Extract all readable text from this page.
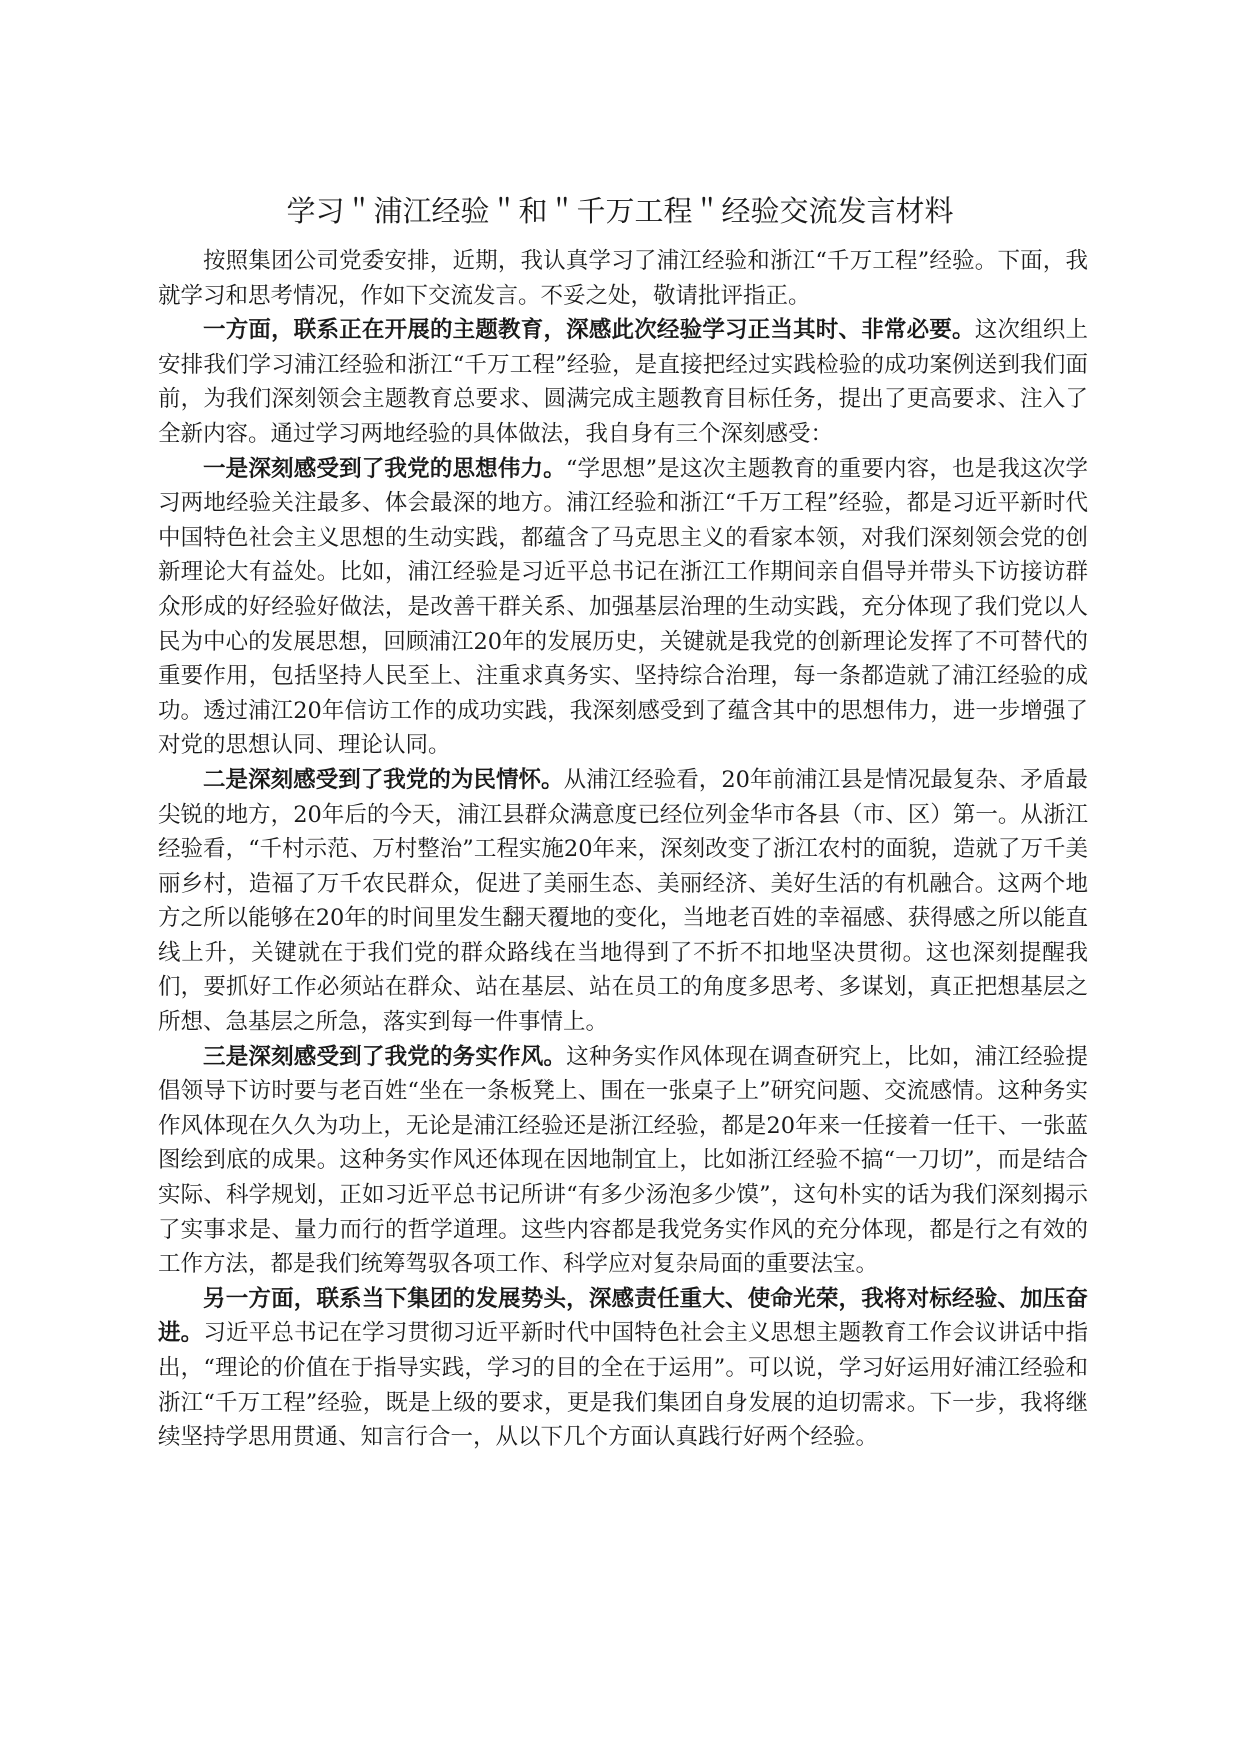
学习＂浦江经验＂和＂千万工程＂经验交流发言材料

按照集团公司党委安排，近期，我认真学习了浦江经验和浙江“千万工程”经验。下面，我就学习和思考情况，作如下交流发言。不妥之处，敬请批评指正。

一方面，联系正在开展的主题教育，深感此次经验学习正当其时、非常必要。这次组织上安排我们学习浦江经验和浙江“千万工程”经验，是直接把经过实践检验的成功案例送到我们面前，为我们深刻领会主题教育总要求、圆满完成主题教育目标任务，提出了更高要求、注入了全新内容。通过学习两地经验的具体做法，我自身有三个深刻感受：

一是深刻感受到了我党的思想伟力。“学思想”是这次主题教育的重要内容，也是我这次学习两地经验关注最多、体会最深的地方。浦江经验和浙江“千万工程”经验，都是习近平新时代中国特色社会主义思想的生动实践，都蕴含了马克思主义的看家本领，对我们深刻领会党的创新理论大有益处。比如，浦江经验是习近平总书记在浙江工作期间亲自倡导并带头下访接访群众形成的好经验好做法，是改善干群关系、加强基层治理的生动实践，充分体现了我们党以人民为中心的发展思想，回顾浦江20年的发展历史，关键就是我党的创新理论发挥了不可替代的重要作用，包括坚持人民至上、注重求真务实、坚持综合治理，每一条都造就了浦江经验的成功。透过浦江20年信访工作的成功实践，我深刻感受到了蕴含其中的思想伟力，进一步增强了对党的思想认同、理论认同。

二是深刻感受到了我党的为民情怀。从浦江经验看，20年前浦江县是情况最复杂、矛盾最尖锐的地方，20年后的今天，浦江县群众满意度已经位列金华市各县（市、区）第一。从浙江经验看，“千村示范、万村整治”工程实施20年来，深刻改变了浙江农村的面貌，造就了万千美丽乡村，造福了万千农民群众，促进了美丽生态、美丽经济、美好生活的有机融合。这两个地方之所以能够在20年的时间里发生翻天覆地的变化，当地老百姓的幸福感、获得感之所以能直线上升，关键就在于我们党的群众路线在当地得到了不折不扣地坚决贯彻。这也深刻提醒我们，要抓好工作必须站在群众、站在基层、站在员工的角度多思考、多谋划，真正把想基层之所想、急基层之所急，落实到每一件事情上。

三是深刻感受到了我党的务实作风。这种务实作风体现在调查研究上，比如，浦江经验提倡领导下访时要与老百姓“坐在一条板凳上、围在一张桌子上”研究问题、交流感情。这种务实作风体现在久久为功上，无论是浦江经验还是浙江经验，都是20年来一任接着一任干、一张蓝图绘到底的成果。这种务实作风还体现在因地制宜上，比如浙江经验不搞“一刀切”，而是结合实际、科学规划，正如习近平总书记所讲“有多少汤泡多少馍”，这句朴实的话为我们深刻揭示了实事求是、量力而行的哲学道理。这些内容都是我党务实作风的充分体现，都是行之有效的工作方法，都是我们统筹驾驭各项工作、科学应对复杂局面的重要法宝。

另一方面，联系当下集团的发展势头，深感责任重大、使命光荣，我将对标经验、加压奋进。习近平总书记在学习贯彻习近平新时代中国特色社会主义思想主题教育工作会议讲话中指出，“理论的价值在于指导实践，学习的目的全在于运用”。可以说，学习好运用好浦江经验和浙江“千万工程”经验，既是上级的要求，更是我们集团自身发展的迫切需求。下一步，我将继续坚持学思用贯通、知言行合一，从以下几个方面认真践行好两个经验。
